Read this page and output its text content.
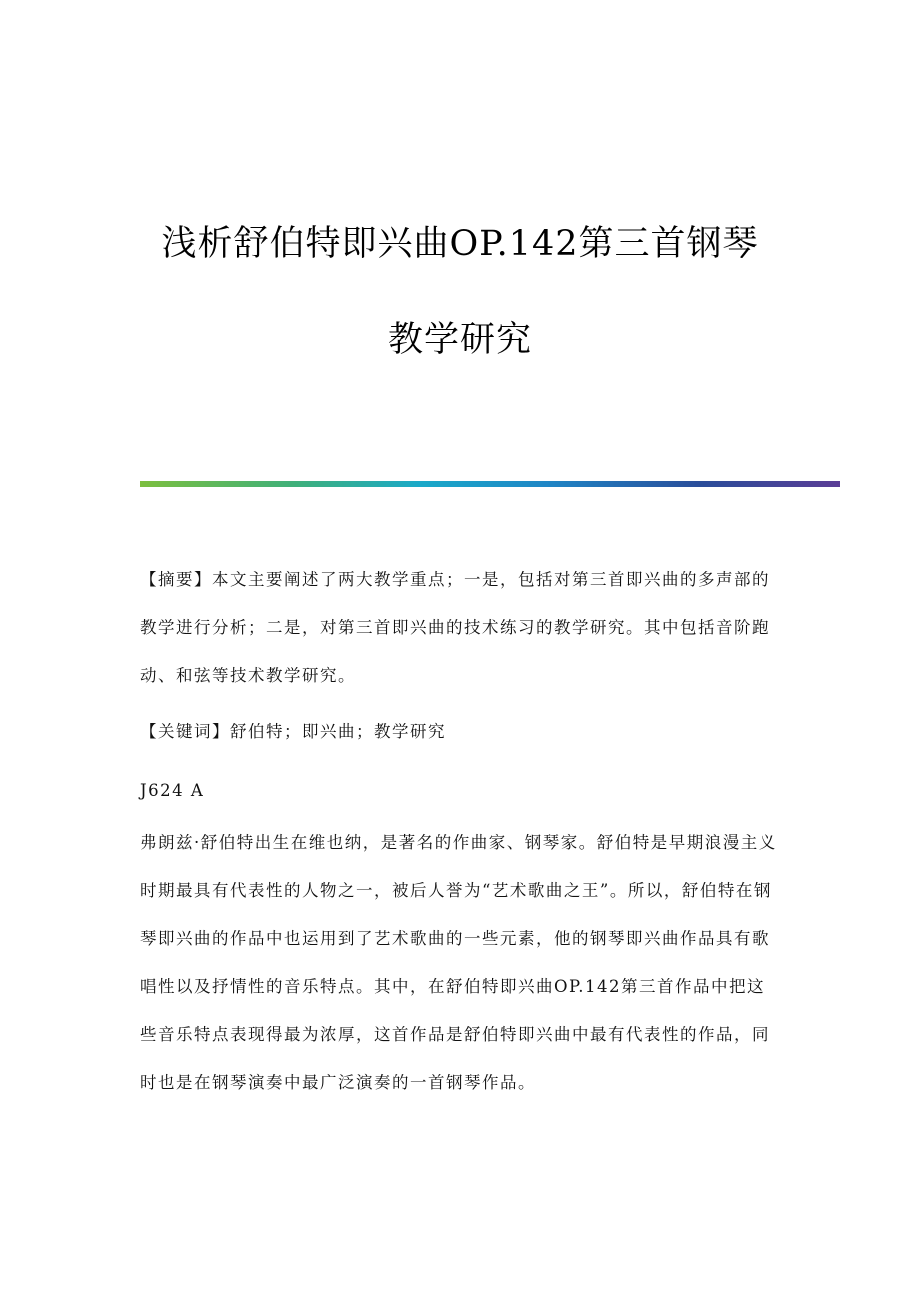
浅析舒伯特即兴曲OP.142第三首钢琴
教学研究

【摘要】本文主要阐述了两大教学重点；一是，包括对第三首即兴曲的多声部的教学进行分析；二是，对第三首即兴曲的技术练习的教学研究。其中包括音阶跑动、和弦等技术教学研究。

【关键词】舒伯特；即兴曲；教学研究

J624 A

弗朗兹·舒伯特出生在维也纳，是著名的作曲家、钢琴家。舒伯特是早期浪漫主义时期最具有代表性的人物之一，被后人誉为“艺术歌曲之王”。所以，舒伯特在钢琴即兴曲的作品中也运用到了艺术歌曲的一些元素，他的钢琴即兴曲作品具有歌唱性以及抒情性的音乐特点。其中，在舒伯特即兴曲OP.142第三首作品中把这些音乐特点表现得最为浓厚，这首作品是舒伯特即兴曲中最有代表性的作品，同时也是在钢琴演奏中最广泛演奏的一首钢琴作品。
